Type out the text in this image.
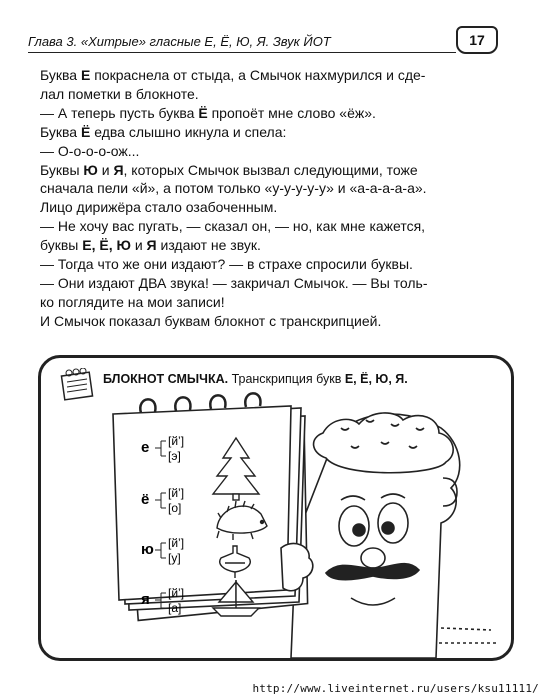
Глава 3. «Хитрые» гласные Е, Ё, Ю, Я. Звук ЙОТ	17

Буква Е покраснела от стыда, а Смычок нахмурился и сде-

лал пометки в блокноте.

— А теперь пусть буква Ё пропоёт мне слово «ёж».

Буква Ё едва слышно икнула и спела:

— О-о-о-о-ож...

Буквы Ю и Я, которых Смычок вызвал следующими, тоже

сначала пели «й», а потом только «у-у-у-у-у» и «а-а-а-а-а».

Лицо дирижёра стало озабоченным.

— Не хочу вас пугать, — сказал он, — но, как мне кажется,

буквы Е, Ё, Ю и Я издают не звук.

— Тогда что же они издают? — в страхе спросили буквы.

— Они издают ДВА звука! — закричал Смычок. — Вы толь-

ко поглядите на мои записи!

И Смычок показал буквам блокнот с транскрипцией.

БЛОКНОТ СМЫЧКА. Транскрипция букв Е, Ё, Ю, Я.
е [й’]
[э]
ё [й’]
[о]
ю [й’]
[у]
я [й’]
[а]
http://www.liveinternet.ru/users/ksu11111/
